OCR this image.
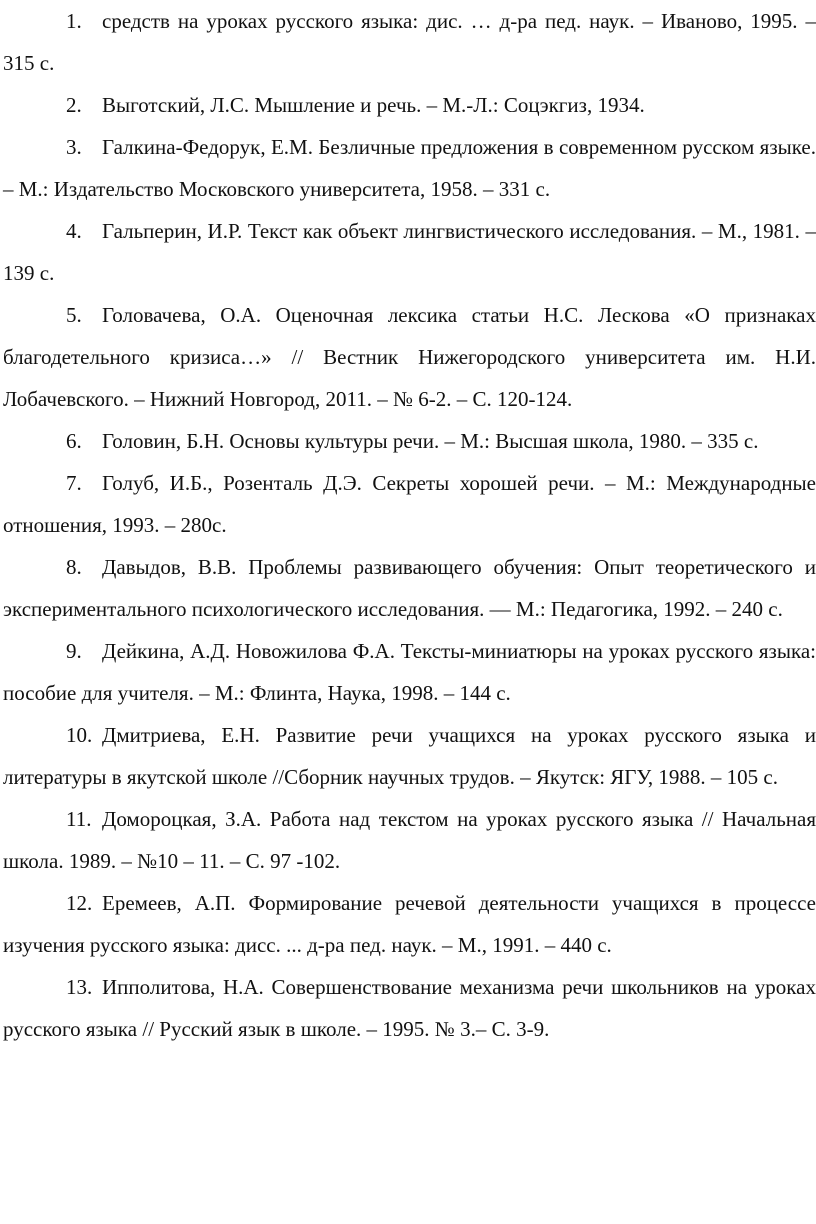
1. средств на уроках русского языка: дис. … д-ра пед. наук. – Иваново, 1995. – 315 с.

2. Выготский, Л.С. Мышление и речь. – М.-Л.: Соцэкгиз, 1934.

3. Галкина-Федорук, Е.М. Безличные предложения в современном русском языке. – М.: Издательство Московского университета, 1958. – 331 с.

4. Гальперин, И.Р. Текст как объект лингвистического исследования. – М., 1981. – 139 с.

5. Головачева, О.А. Оценочная лексика статьи Н.С. Лескова «О признаках благодетельного кризиса…» // Вестник Нижегородского университета им. Н.И. Лобачевского. – Нижний Новгород, 2011. – № 6-2. – С. 120-124.

6. Головин, Б.Н. Основы культуры речи. – М.: Высшая школа, 1980. – 335 с.

7. Голуб, И.Б., Розенталь Д.Э. Секреты хорошей речи. – М.: Международные отношения, 1993. – 280с.

8. Давыдов, В.В. Проблемы развивающего обучения: Опыт теоретического и экспериментального психологического исследования. — М.: Педагогика, 1992. – 240 с.

9. Дейкина, А.Д. Новожилова Ф.А. Тексты-миниатюры на уроках русского языка: пособие для учителя. – М.: Флинта, Наука, 1998. – 144 с.

10. Дмитриева, Е.Н. Развитие речи учащихся на уроках русского языка и литературы в якутской школе //Сборник научных трудов. – Якутск: ЯГУ, 1988. – 105 с.

11. Домороцкая, З.А. Работа над текстом на уроках русского языка // Начальная школа. 1989. – №10 – 11. – С. 97 -102.

12. Еремеев, А.П. Формирование речевой деятельности учащихся в процессе изучения русского языка: дисс. ... д-ра пед. наук. – М., 1991. – 440 с.

13. Ипполитова, Н.А. Совершенствование механизма речи школьников на уроках русского языка // Русский язык в школе. – 1995. № 3.– С. 3-9.
